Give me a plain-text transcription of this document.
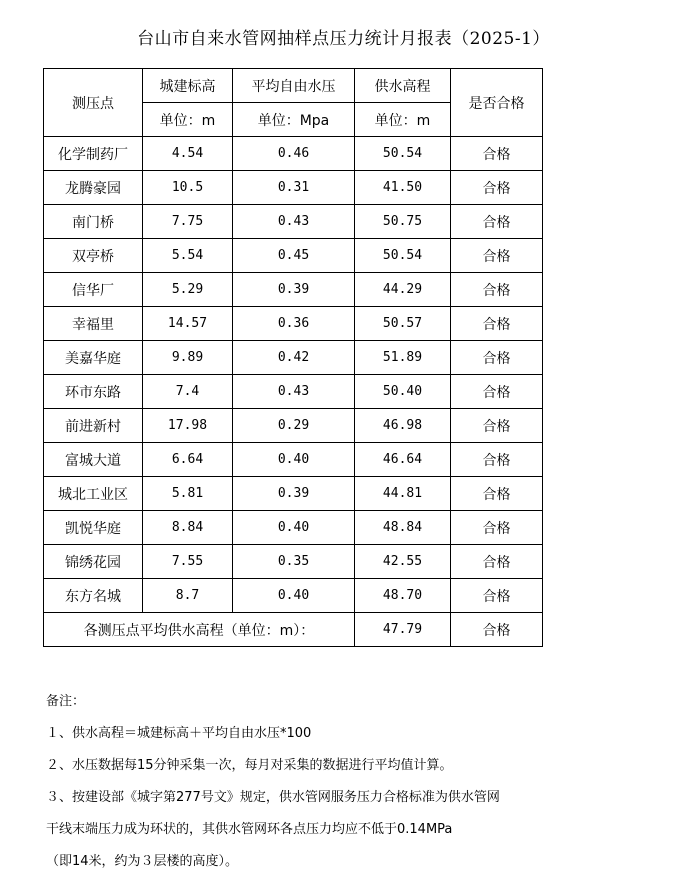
台山市自来水管网抽样点压力统计月报表（2025-1）
测压点	城建标高	平均自由水压	供水高程	是否合格
	单位：m	单位：Mpa	单位：m	
化学制药厂	4.54	0.46	50.54	合格
龙腾豪园	10.5	0.31	41.50	合格
南门桥	7.75	0.43	50.75	合格
双亭桥	5.54	0.45	50.54	合格
信华厂	5.29	0.39	44.29	合格
幸福里	14.57	0.36	50.57	合格
美嘉华庭	9.89	0.42	51.89	合格
环市东路	7.4	0.43	50.40	合格
前进新村	17.98	0.29	46.98	合格
富城大道	6.64	0.40	46.64	合格
城北工业区	5.81	0.39	44.81	合格
凯悦华庭	8.84	0.40	48.84	合格
锦绣花园	7.55	0.35	42.55	合格
东方名城	8.7	0.40	48.70	合格
各测压点平均供水高程（单位：m）：			47.79	合格
备注：
１、供水高程＝城建标高＋平均自由水压*100
２、水压数据每15分钟采集一次，每月对采集的数据进行平均值计算。
３、按建设部《城字第277号文》规定，供水管网服务压力合格标准为供水管网
干线末端压力成为环状的，其供水管网环各点压力均应不低于0.14MPa
（即14米，约为３层楼的高度）。
